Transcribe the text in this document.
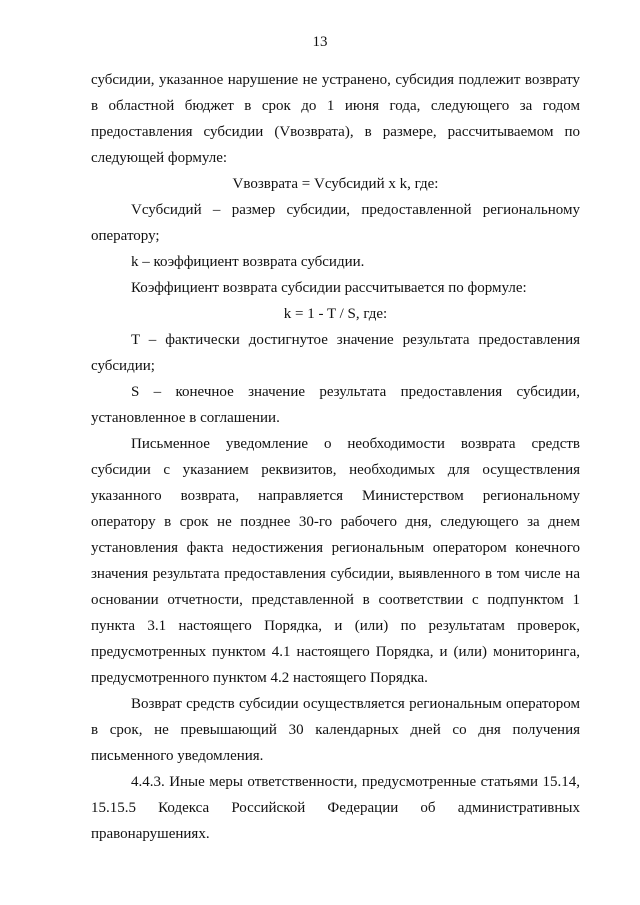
13

субсидии, указанное нарушение не устранено, субсидия подлежит возврату в областной бюджет в срок до 1 июня года, следующего за годом предоставления субсидии (Vвозврата), в размере, рассчитываемом по следующей формуле:

Vвозврата = Vсубсидий x k, где:

Vсубсидий – размер субсидии, предоставленной региональному оператору;

k – коэффициент возврата субсидии.

Коэффициент возврата субсидии рассчитывается по формуле:

k = 1 - T / S, где:

T – фактически достигнутое значение результата предоставления субсидии;

S – конечное значение результата предоставления субсидии, установленное в соглашении.

Письменное уведомление о необходимости возврата средств субсидии с указанием реквизитов, необходимых для осуществления указанного возврата, направляется Министерством региональному оператору в срок не позднее 30-го рабочего дня, следующего за днем установления факта недостижения региональным оператором конечного значения результата предоставления субсидии, выявленного в том числе на основании отчетности, представленной в соответствии с подпунктом 1 пункта 3.1 настоящего Порядка, и (или) по результатам проверок, предусмотренных пунктом 4.1 настоящего Порядка, и (или) мониторинга, предусмотренного пунктом 4.2 настоящего Порядка.

Возврат средств субсидии осуществляется региональным оператором в срок, не превышающий 30 календарных дней со дня получения письменного уведомления.

4.4.3. Иные меры ответственности, предусмотренные статьями 15.14, 15.15.5 Кодекса Российской Федерации об административных правонарушениях.
